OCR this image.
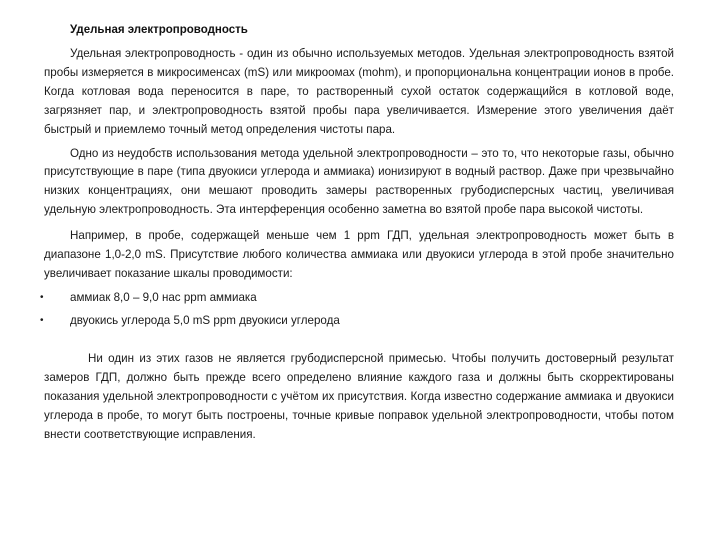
Удельная электропроводность

Удельная электропроводность - один из обычно используемых методов. Удельная электропроводность взятой пробы измеряется в микросименсах (mS) или микроомах (mohm), и пропорциональна концентрации ионов в пробе. Когда котловая вода переносится в паре, то растворенный сухой остаток содержащийся в котловой воде, загрязняет пар, и электропроводность взятой пробы пара увеличивается. Измерение этого увеличения даёт быстрый и приемлемо точный метод определения чистоты пара.

Одно из неудобств использования метода удельной электропроводности – это то, что некоторые газы, обычно присутствующие в паре (типа двуокиси углерода и аммиака) ионизируют в водный раствор. Даже при чрезвычайно низких концентрациях, они мешают проводить замеры растворенных грубодисперсных частиц, увеличивая удельную электропроводность. Эта интерференция особенно заметна во взятой пробе пара высокой чистоты.

Например, в пробе, содержащей меньше чем 1 ppm ГДП, удельная электропроводность может быть в диапазоне 1,0-2,0 mS. Присутствие любого количества аммиака или двуокиси углерода в этой пробе значительно увеличивает показание шкалы проводимости:

• аммиак 8,0 – 9,0 нас ppm аммиака
• двуокись углерода 5,0 mS ppm двуокиси углерода

Ни один из этих газов не является грубодисперсной примесью. Чтобы получить достоверный результат замеров ГДП, должно быть прежде всего определено влияние каждого газа и должны быть скорректированы показания удельной электропроводности с учётом их присутствия. Когда известно содержание аммиака и двуокиси углерода в пробе, то могут быть построены, точные кривые поправок удельной электропроводности, чтобы потом внести соответствующие исправления.
